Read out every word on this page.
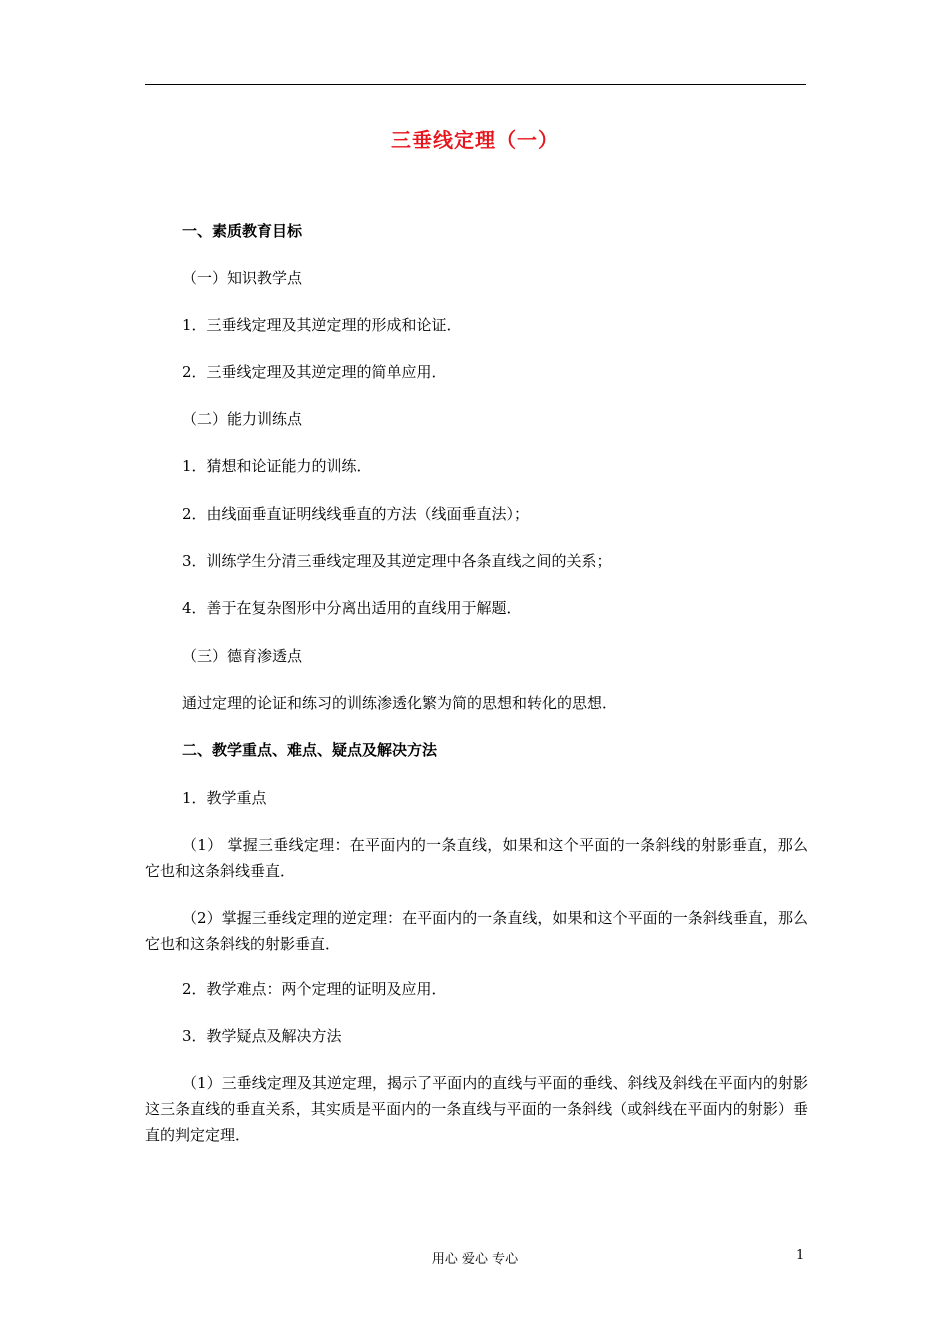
三垂线定理（一）

一、素质教育目标

（一）知识教学点

1．三垂线定理及其逆定理的形成和论证．

2．三垂线定理及其逆定理的简单应用．

（二）能力训练点

1．猜想和论证能力的训练．

2．由线面垂直证明线线垂直的方法（线面垂直法）；

3．训练学生分清三垂线定理及其逆定理中各条直线之间的关系；

4．善于在复杂图形中分离出适用的直线用于解题．

（三）德育渗透点

通过定理的论证和练习的训练渗透化繁为简的思想和转化的思想．

二、教学重点、难点、疑点及解决方法

1．教学重点

（1） 掌握三垂线定理：在平面内的一条直线，如果和这个平面的一条斜线的射影垂直，那么它也和这条斜线垂直．

（2）掌握三垂线定理的逆定理：在平面内的一条直线，如果和这个平面的一条斜线垂直，那么它也和这条斜线的射影垂直．

2．教学难点：两个定理的证明及应用．

3．教学疑点及解决方法

（1）三垂线定理及其逆定理，揭示了平面内的直线与平面的垂线、斜线及斜线在平面内的射影这三条直线的垂直关系，其实质是平面内的一条直线与平面的一条斜线（或斜线在平面内的射影）垂直的判定定理．

用心 爱心 专心	1
